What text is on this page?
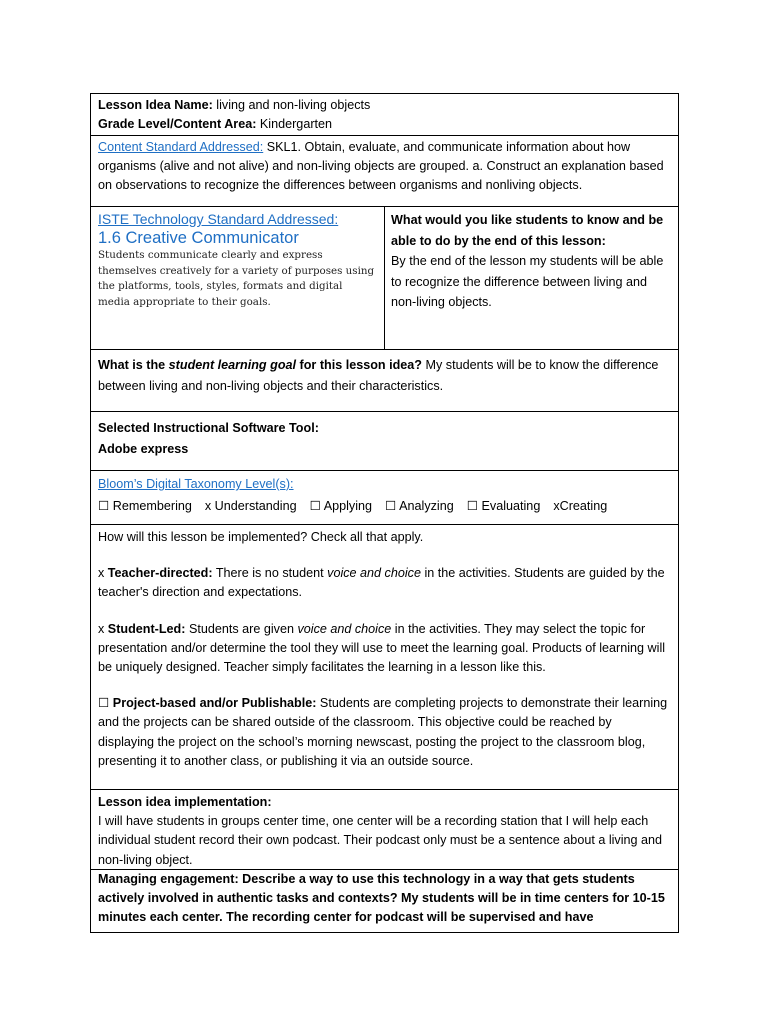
Lesson Idea Name: living and non-living objects
Grade Level/Content Area: Kindergarten
Content Standard Addressed: SKL1. Obtain, evaluate, and communicate information about how organisms (alive and not alive) and non-living objects are grouped. a. Construct an explanation based on observations to recognize the differences between organisms and nonliving objects.
ISTE Technology Standard Addressed:
1.6 Creative Communicator
Students communicate clearly and express themselves creatively for a variety of purposes using the platforms, tools, styles, formats and digital media appropriate to their goals.
What would you like students to know and be able to do by the end of this lesson:
By the end of the lesson my students will be able to recognize the difference between living and non-living objects.
What is the student learning goal for this lesson idea? My students will be to know the difference between living and non-living objects and their characteristics.
Selected Instructional Software Tool:
Adobe express
Bloom’s Digital Taxonomy Level(s):
☐ Remembering x Understanding ☐ Applying ☐ Analyzing ☐ Evaluating xCreating
How will this lesson be implemented? Check all that apply.
x Teacher-directed: There is no student voice and choice in the activities. Students are guided by the teacher's direction and expectations.
x Student-Led: Students are given voice and choice in the activities. They may select the topic for presentation and/or determine the tool they will use to meet the learning goal. Products of learning will be uniquely designed. Teacher simply facilitates the learning in a lesson like this.
☐ Project-based and/or Publishable: Students are completing projects to demonstrate their learning and the projects can be shared outside of the classroom. This objective could be reached by displaying the project on the school’s morning newscast, posting the project to the classroom blog, presenting it to another class, or publishing it via an outside source.
Lesson idea implementation:
I will have students in groups center time, one center will be a recording station that I will help each individual student record their own podcast. Their podcast only must be a sentence about a living and non-living object.
Managing engagement: Describe a way to use this technology in a way that gets students actively involved in authentic tasks and contexts? My students will be in time centers for 10-15 minutes each center. The recording center for podcast will be supervised and have
